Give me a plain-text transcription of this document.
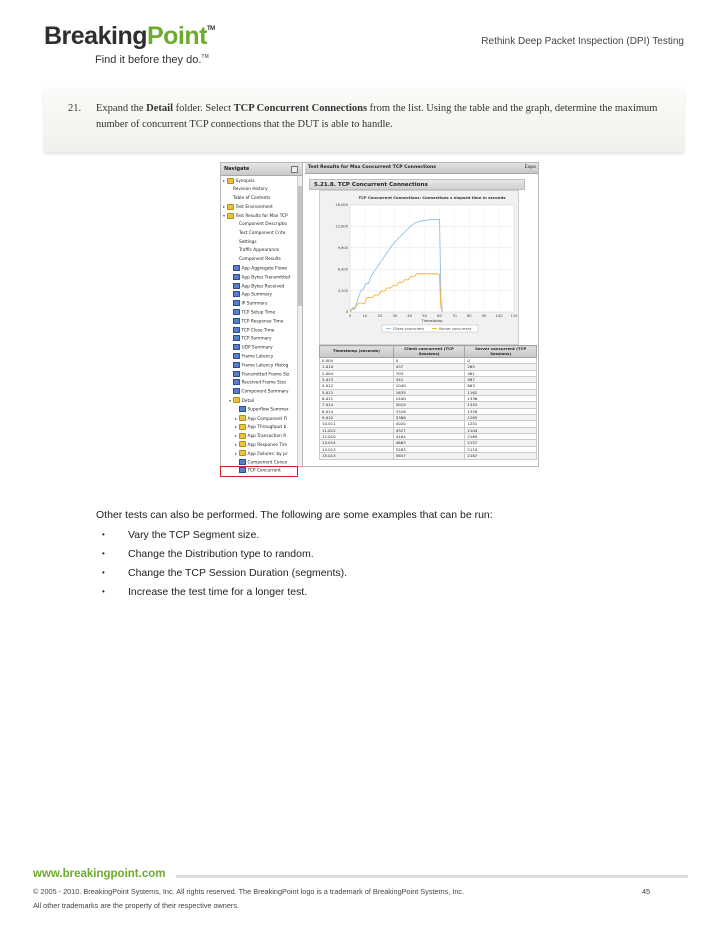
BreakingPoint™
Find it before they do.™
Rethink Deep Packet Inspection (DPI) Testing
21.	Expand the Detail folder. Select TCP Concurrent Connections from the list. Using the table and the graph, determine the maximum number of concurrent TCP connections that the DUT is able to handle.
Navigate
▸ Synopsis
Revision History
Table of Contents
▸ Test Environment
▾ Test Results for Max TCP
Component Descriptio
Test Component Crite
Settings
Traffic Appearance
Component Results
App Aggregate Flows
App Bytes Transmitted
App Bytes Received
App Summary
IP Summary
TCP Setup Time
TCP Response Time
TCP Close Time
TCP Summary
UDP Summary
Frame Latency
Frame Latency Histog
Transmitted Frame Siz
Received Frame Size
Component Summary
▾ Detail
Superflow Summar
▸ App Component Fl
▸ App Throughput b
▸ App Transaction R
▸ App Response Tim
▸ App Failures: by pr
Component Conco
TCP Concurrent
Test Results for Max Concurrent TCP Connections	Expo
5.21.8. TCP Concurrent Connections
TCP Concurrent Connections: Connections x elapsed time in seconds
0
3,200
6,400
9,600
12,800
16,000
0	10	20	30	40	50	60	70	80	90	100 110
Timestamp
Client concurrent	Server concurrent
Timestamp (seconds)	Client concurrent (TCP Sessions)	Server concurrent (TCP Sessions)
0.004	0	0
1.010	437	265
2.004	703	481
3.013	342	587
4.012	1040	863
5.012	1635	1162
6.011	2440	1336
7.014	3019	1343
8.014	3316	1328
9.012	3386	1285
10.011	4020	1251
11.012	4327	2104
12.010	4164	2169
13.014	4663	2157
14.013	5283	2114
15.013	5657	2187
Other tests can also be performed. The following are some examples that can be run:
• Vary the TCP Segment size.
• Change the Distribution type to random.
• Change the TCP Session Duration (segments).
• Increase the test time for a longer test.
www.breakingpoint.com
© 2005 - 2010. BreakingPoint Systems, Inc. All rights reserved. The BreakingPoint logo is a trademark of BreakingPoint Systems, Inc.	45
All other trademarks are the property of their respective owners.
